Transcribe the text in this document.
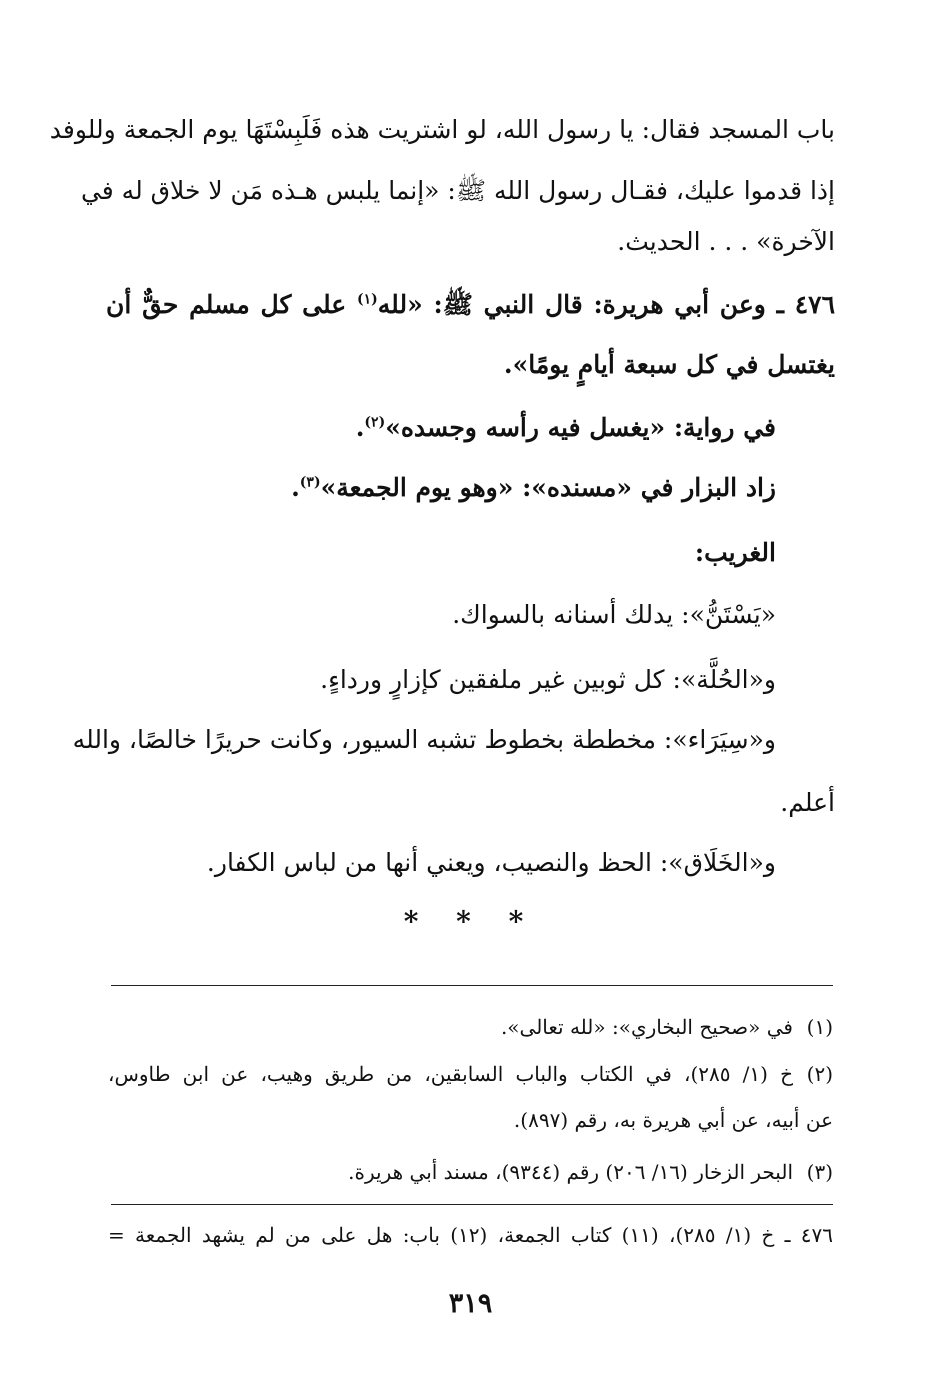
باب المسجد فقال: يا رسول الله، لو اشتريت هذه فَلَبِسْتَهَا يوم الجمعة وللوفد
إذا قدموا عليك، فقـال رسول الله ﷺ: «إنما يلبس هـذه مَن لا خلاق له في
الآخرة» . . . الحديث.
٤٧٦ ـ وعن أبي هريرة: قال النبي ﷺ: «لله$^{(١)}$ على كل مسلم حقٌّ أن
يغتسل في كل سبعة أيامٍ يومًا».
في رواية: «يغسل فيه رأسه وجسده»$^{(٢)}$.
زاد البزار في «مسنده»: «وهو يوم الجمعة»$^{(٣)}$.
الغريب:
«يَسْتَنُّ»: يدلك أسنانه بالسواك.
و«الحُلَّة»: كل ثوبين غير ملفقين كإزارٍ ورداءٍ.
و«سِيَرَاء»: مخططة بخطوط تشبه السيور، وكانت حريرًا خالصًا، والله
أعلم.
و«الخَلَاق»: الحظ والنصيب، ويعني أنها من لباس الكفار.
* * *
(١)في «صحيح البخاري»: «لله تعالى».
(٢)خ (١/ ٢٨٥)، في الكتاب والباب السابقين، من طريق وهيب، عن ابن طاوس،
عن أبيه، عن أبي هريرة به، رقم (٨٩٧).
(٣)البحر الزخار (١٦/ ٢٠٦) رقم (٩٣٤٤)، مسند أبي هريرة.
٤٧٦ ـ خ (١/ ٢٨٥)، (١١) كتاب الجمعة، (١٢) باب: هل على من لم يشهد الجمعة =
٣١٩
